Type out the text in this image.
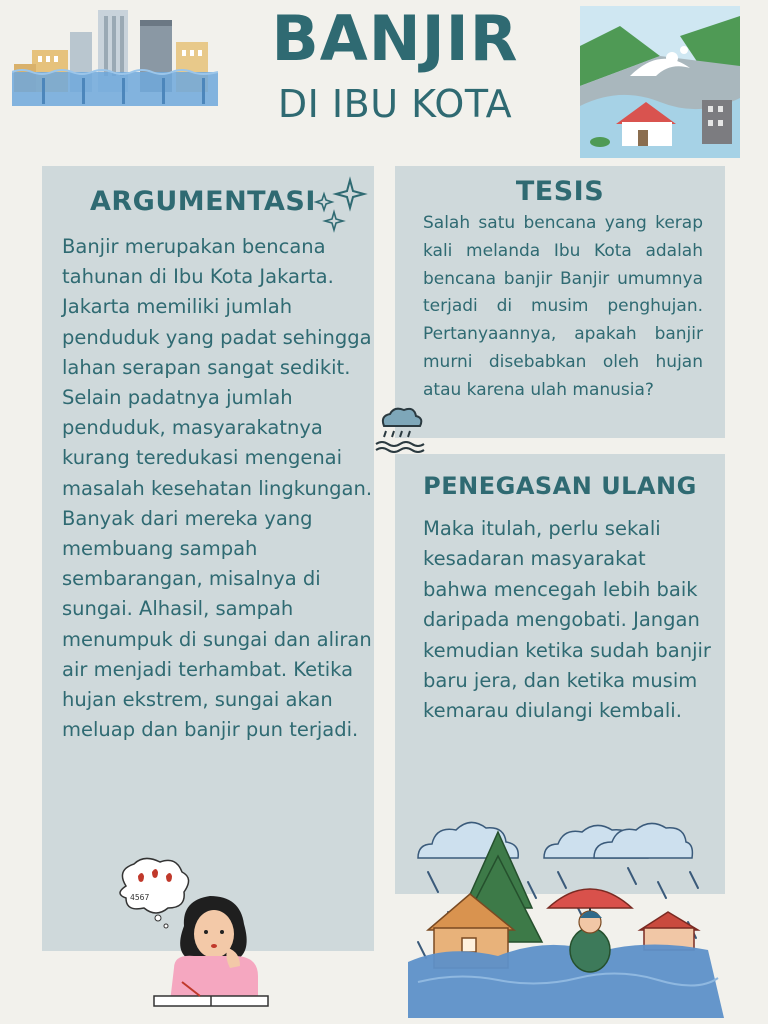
BANJIR
DI IBU KOTA
ARGUMENTASI
Banjir merupakan bencana tahunan di Ibu Kota Jakarta. Jakarta memiliki jumlah penduduk yang padat sehingga lahan serapan sangat sedikit. Selain padatnya jumlah penduduk, masyarakatnya kurang teredukasi mengenai masalah kesehatan lingkungan. Banyak dari mereka yang membuang sampah sembarangan, misalnya di sungai. Alhasil, sampah menumpuk di sungai dan aliran air menjadi terhambat. Ketika hujan ekstrem, sungai akan meluap dan banjir pun terjadi.
TESIS
Salah satu bencana yang kerap kali melanda Ibu Kota adalah bencana banjir Banjir umumnya terjadi di musim penghujan. Pertanyaannya, apakah banjir murni disebabkan oleh hujan atau karena ulah manusia?
PENEGASAN ULANG
Maka itulah, perlu sekali kesadaran masyarakat bahwa mencegah lebih baik daripada mengobati. Jangan kemudian ketika sudah banjir baru jera, dan ketika musim kemarau diulangi kembali.
4567
